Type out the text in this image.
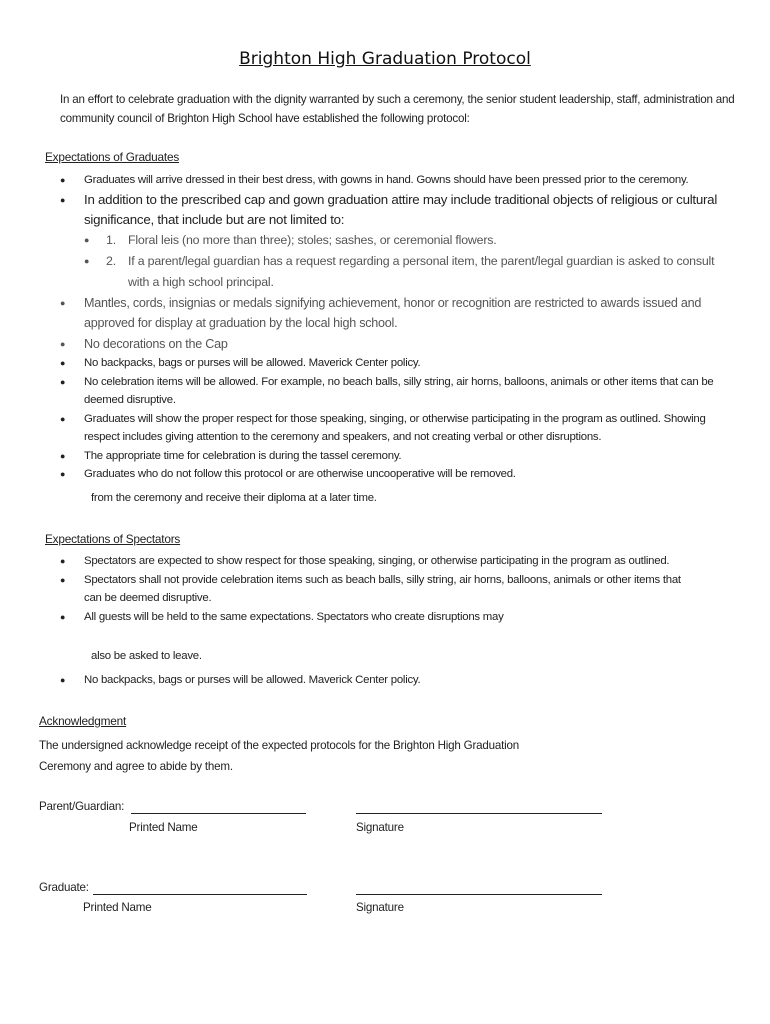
Brighton High Graduation Protocol
In an effort to celebrate graduation with the dignity warranted by such a ceremony, the senior student leadership, staff, administration and community council of Brighton High School have established the following protocol:
Expectations of Graduates
● Graduates will arrive dressed in their best dress, with gowns in hand. Gowns should have been pressed prior to the ceremony.
● In addition to the prescribed cap and gown graduation attire may include traditional objects of religious or cultural significance, that include but are not limited to:
● 1. Floral leis (no more than three); stoles; sashes, or ceremonial flowers.
● 2. If a parent/legal guardian has a request regarding a personal item, the parent/legal guardian is asked to consult with a high school principal.
● Mantles, cords, insignias or medals signifying achievement, honor or recognition are restricted to awards issued and approved for display at graduation by the local high school.
● No decorations on the Cap
● No backpacks, bags or purses will be allowed. Maverick Center policy.
● No celebration items will be allowed. For example, no beach balls, silly string, air horns, balloons, animals or other items that can be deemed disruptive.
● Graduates will show the proper respect for those speaking, singing, or otherwise participating in the program as outlined. Showing respect includes giving attention to the ceremony and speakers, and not creating verbal or other disruptions.
● The appropriate time for celebration is during the tassel ceremony.
● Graduates who do not follow this protocol or are otherwise uncooperative will be removed.
from the ceremony and receive their diploma at a later time.
Expectations of Spectators
● Spectators are expected to show respect for those speaking, singing, or otherwise participating in the program as outlined.
● Spectators shall not provide celebration items such as beach balls, silly string, air horns, balloons, animals or other items that can be deemed disruptive.
● All guests will be held to the same expectations. Spectators who create disruptions may
also be asked to leave.
● No backpacks, bags or purses will be allowed. Maverick Center policy.
Acknowledgment
The undersigned acknowledge receipt of the expected protocols for the Brighton High Graduation Ceremony and agree to abide by them.
Parent/Guardian:
Printed Name	Signature
Graduate:
Printed Name	Signature
